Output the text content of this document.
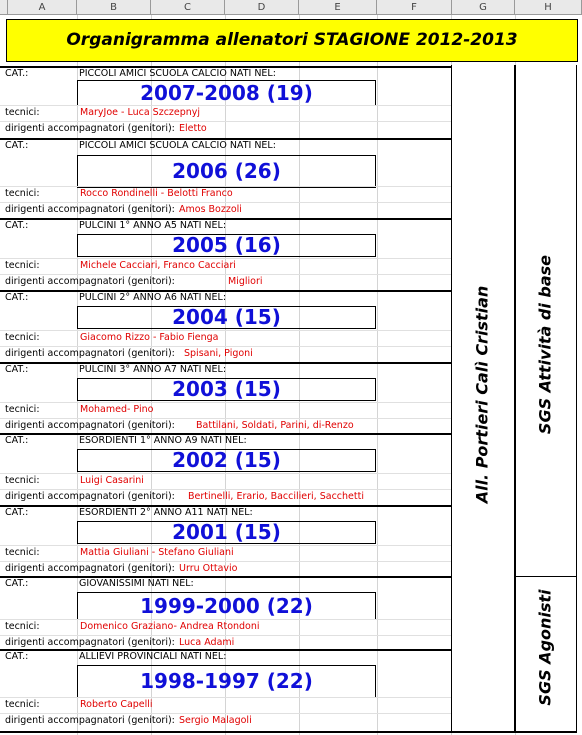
A	B	C	D	E	F	G	H
Organigramma allenatori STAGIONE 2012-2013
CAT.:	PICCOLI AMICI SCUOLA CALCIO NATI NEL:
2007-2008 (19)
tecnici:	MaryJoe - Luca Szczepnyj
dirigenti accompagnatori (genitori): Eletto
CAT.:	PICCOLI AMICI SCUOLA CALCIO NATI NEL:
2006 (26)
tecnici:	Rocco Rondinelli - Belotti Franco
dirigenti accompagnatori (genitori): Amos Bozzoli
CAT.:	PULCINI 1° ANNO A5 NATI NEL:
2005 (16)
tecnici:	Michele Cacciari, Franco Cacciari
dirigenti accompagnatori (genitori):	Migliori
CAT.:	PULCINI 2° ANNO A6 NATI NEL:
2004 (15)
tecnici:	Giacomo Rizzo - Fabio Fienga
dirigenti accompagnatori (genitori): Spisani, Pigoni
CAT.:	PULCINI 3° ANNO A7 NATI NEL:
2003 (15)
tecnici:	Mohamed- Pino
dirigenti accompagnatori (genitori): Battilani, Soldati, Parini, di-Renzo
CAT.:	ESORDIENTI 1° ANNO A9 NATI NEL:
2002 (15)
tecnici:	Luigi Casarini
dirigenti accompagnatori (genitori): Bertinelli, Erario, Baccilieri, Sacchetti
CAT.:	ESORDIENTI 2° ANNO A11 NATI NEL:
2001 (15)
tecnici:	Mattia Giuliani - Stefano Giuliani
dirigenti accompagnatori (genitori): Urru Ottavio
CAT.:	GIOVANISSIMI NATI NEL:
1999-2000 (22)
tecnici:	Domenico Graziano- Andrea Rtondoni
dirigenti accompagnatori (genitori): Luca Adami
CAT.:	ALLIEVI PROVINCIALI NATI NEL:
1998-1997 (22)
tecnici:	Roberto Capelli
dirigenti accompagnatori (genitori): Sergio Malagoli
All. Portieri Calì Cristian	SGS Attività di base
SGS Agonisti
